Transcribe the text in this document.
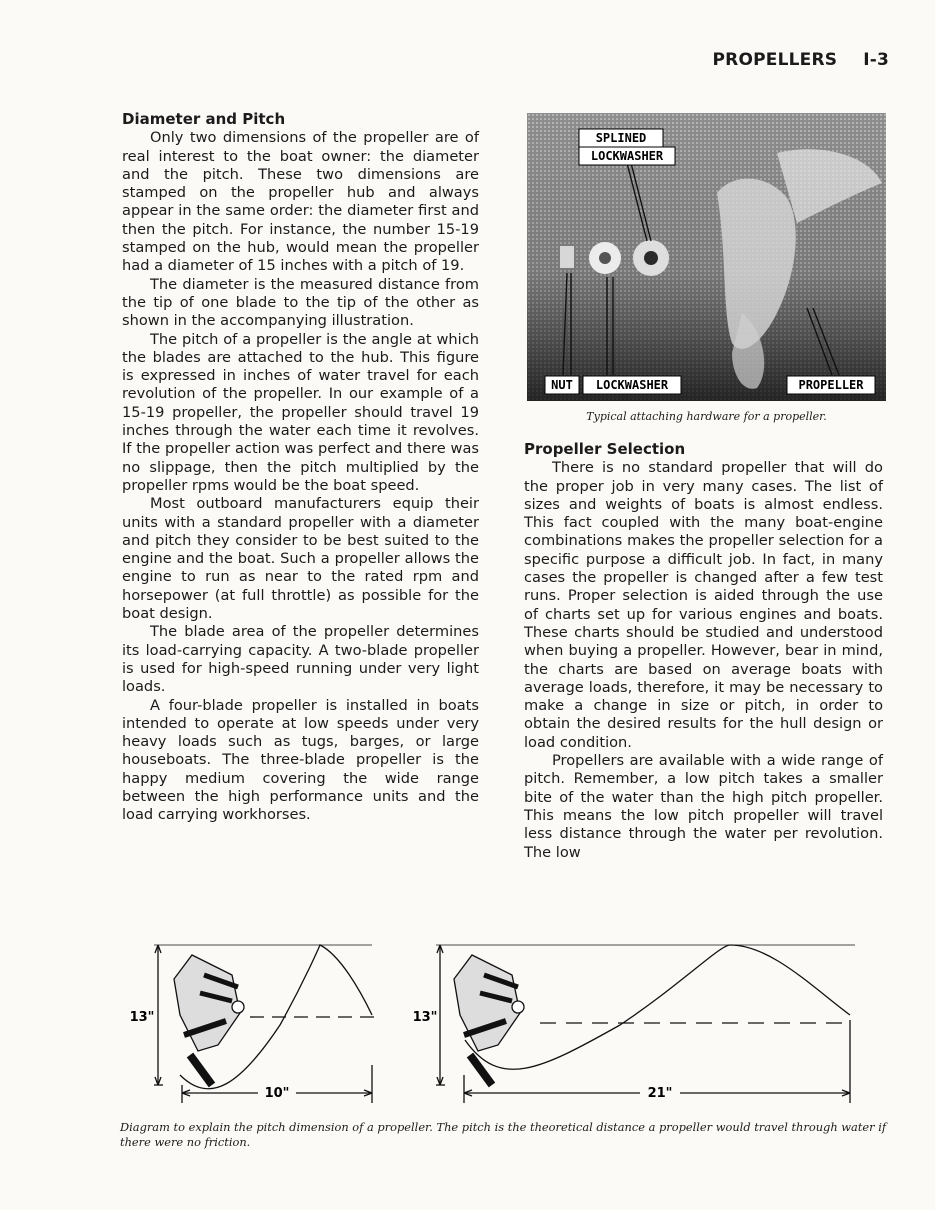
PROPELLERS I-3
Diameter and Pitch

Only two dimensions of the propeller are of real interest to the boat owner: the diameter and the pitch. These two dimensions are stamped on the propeller hub and always appear in the same order: the diameter first and then the pitch. For instance, the number 15-19 stamped on the hub, would mean the propeller had a diameter of 15 inches with a pitch of 19.

The diameter is the measured distance from the tip of one blade to the tip of the other as shown in the accompanying illustration.

The pitch of a propeller is the angle at which the blades are attached to the hub. This figure is expressed in inches of water travel for each revolution of the propeller. In our example of a 15-19 propeller, the propeller should travel 19 inches through the water each time it revolves. If the propeller action was perfect and there was no slippage, then the pitch multiplied by the propeller rpms would be the boat speed.

Most outboard manufacturers equip their units with a standard propeller with a diameter and pitch they consider to be best suited to the engine and the boat. Such a propeller allows the engine to run as near to the rated rpm and horsepower (at full throttle) as possible for the boat design.

The blade area of the propeller determines its load-carrying capacity. A two-blade propeller is used for high-speed running under very light loads.

A four-blade propeller is installed in boats intended to operate at low speeds under very heavy loads such as tugs, barges, or large houseboats. The three-blade propeller is the happy medium covering the wide range between the high performance units and the load carrying workhorses.

SPLINED
LOCKWASHER
NUT LOCKWASHER	PROPELLER
Typical attaching hardware for a propeller.
Propeller Selection

There is no standard propeller that will do the proper job in very many cases. The list of sizes and weights of boats is almost endless. This fact coupled with the many boat-engine combinations makes the propeller selection for a specific purpose a difficult job. In fact, in many cases the propeller is changed after a few test runs. Proper selection is aided through the use of charts set up for various engines and boats. These charts should be studied and understood when buying a propeller. However, bear in mind, the charts are based on average boats with average loads, therefore, it may be necessary to make a change in size or pitch, in order to obtain the desired results for the hull design or load condition.

Propellers are available with a wide range of pitch. Remember, a low pitch takes a smaller bite of the water than the high pitch propeller. This means the low pitch propeller will travel less distance through the water per revolution. The low

13"
10"
13"
21"
Diagram to explain the pitch dimension of a propeller. The pitch is the theoretical distance a propeller would travel through water if there were no friction.
